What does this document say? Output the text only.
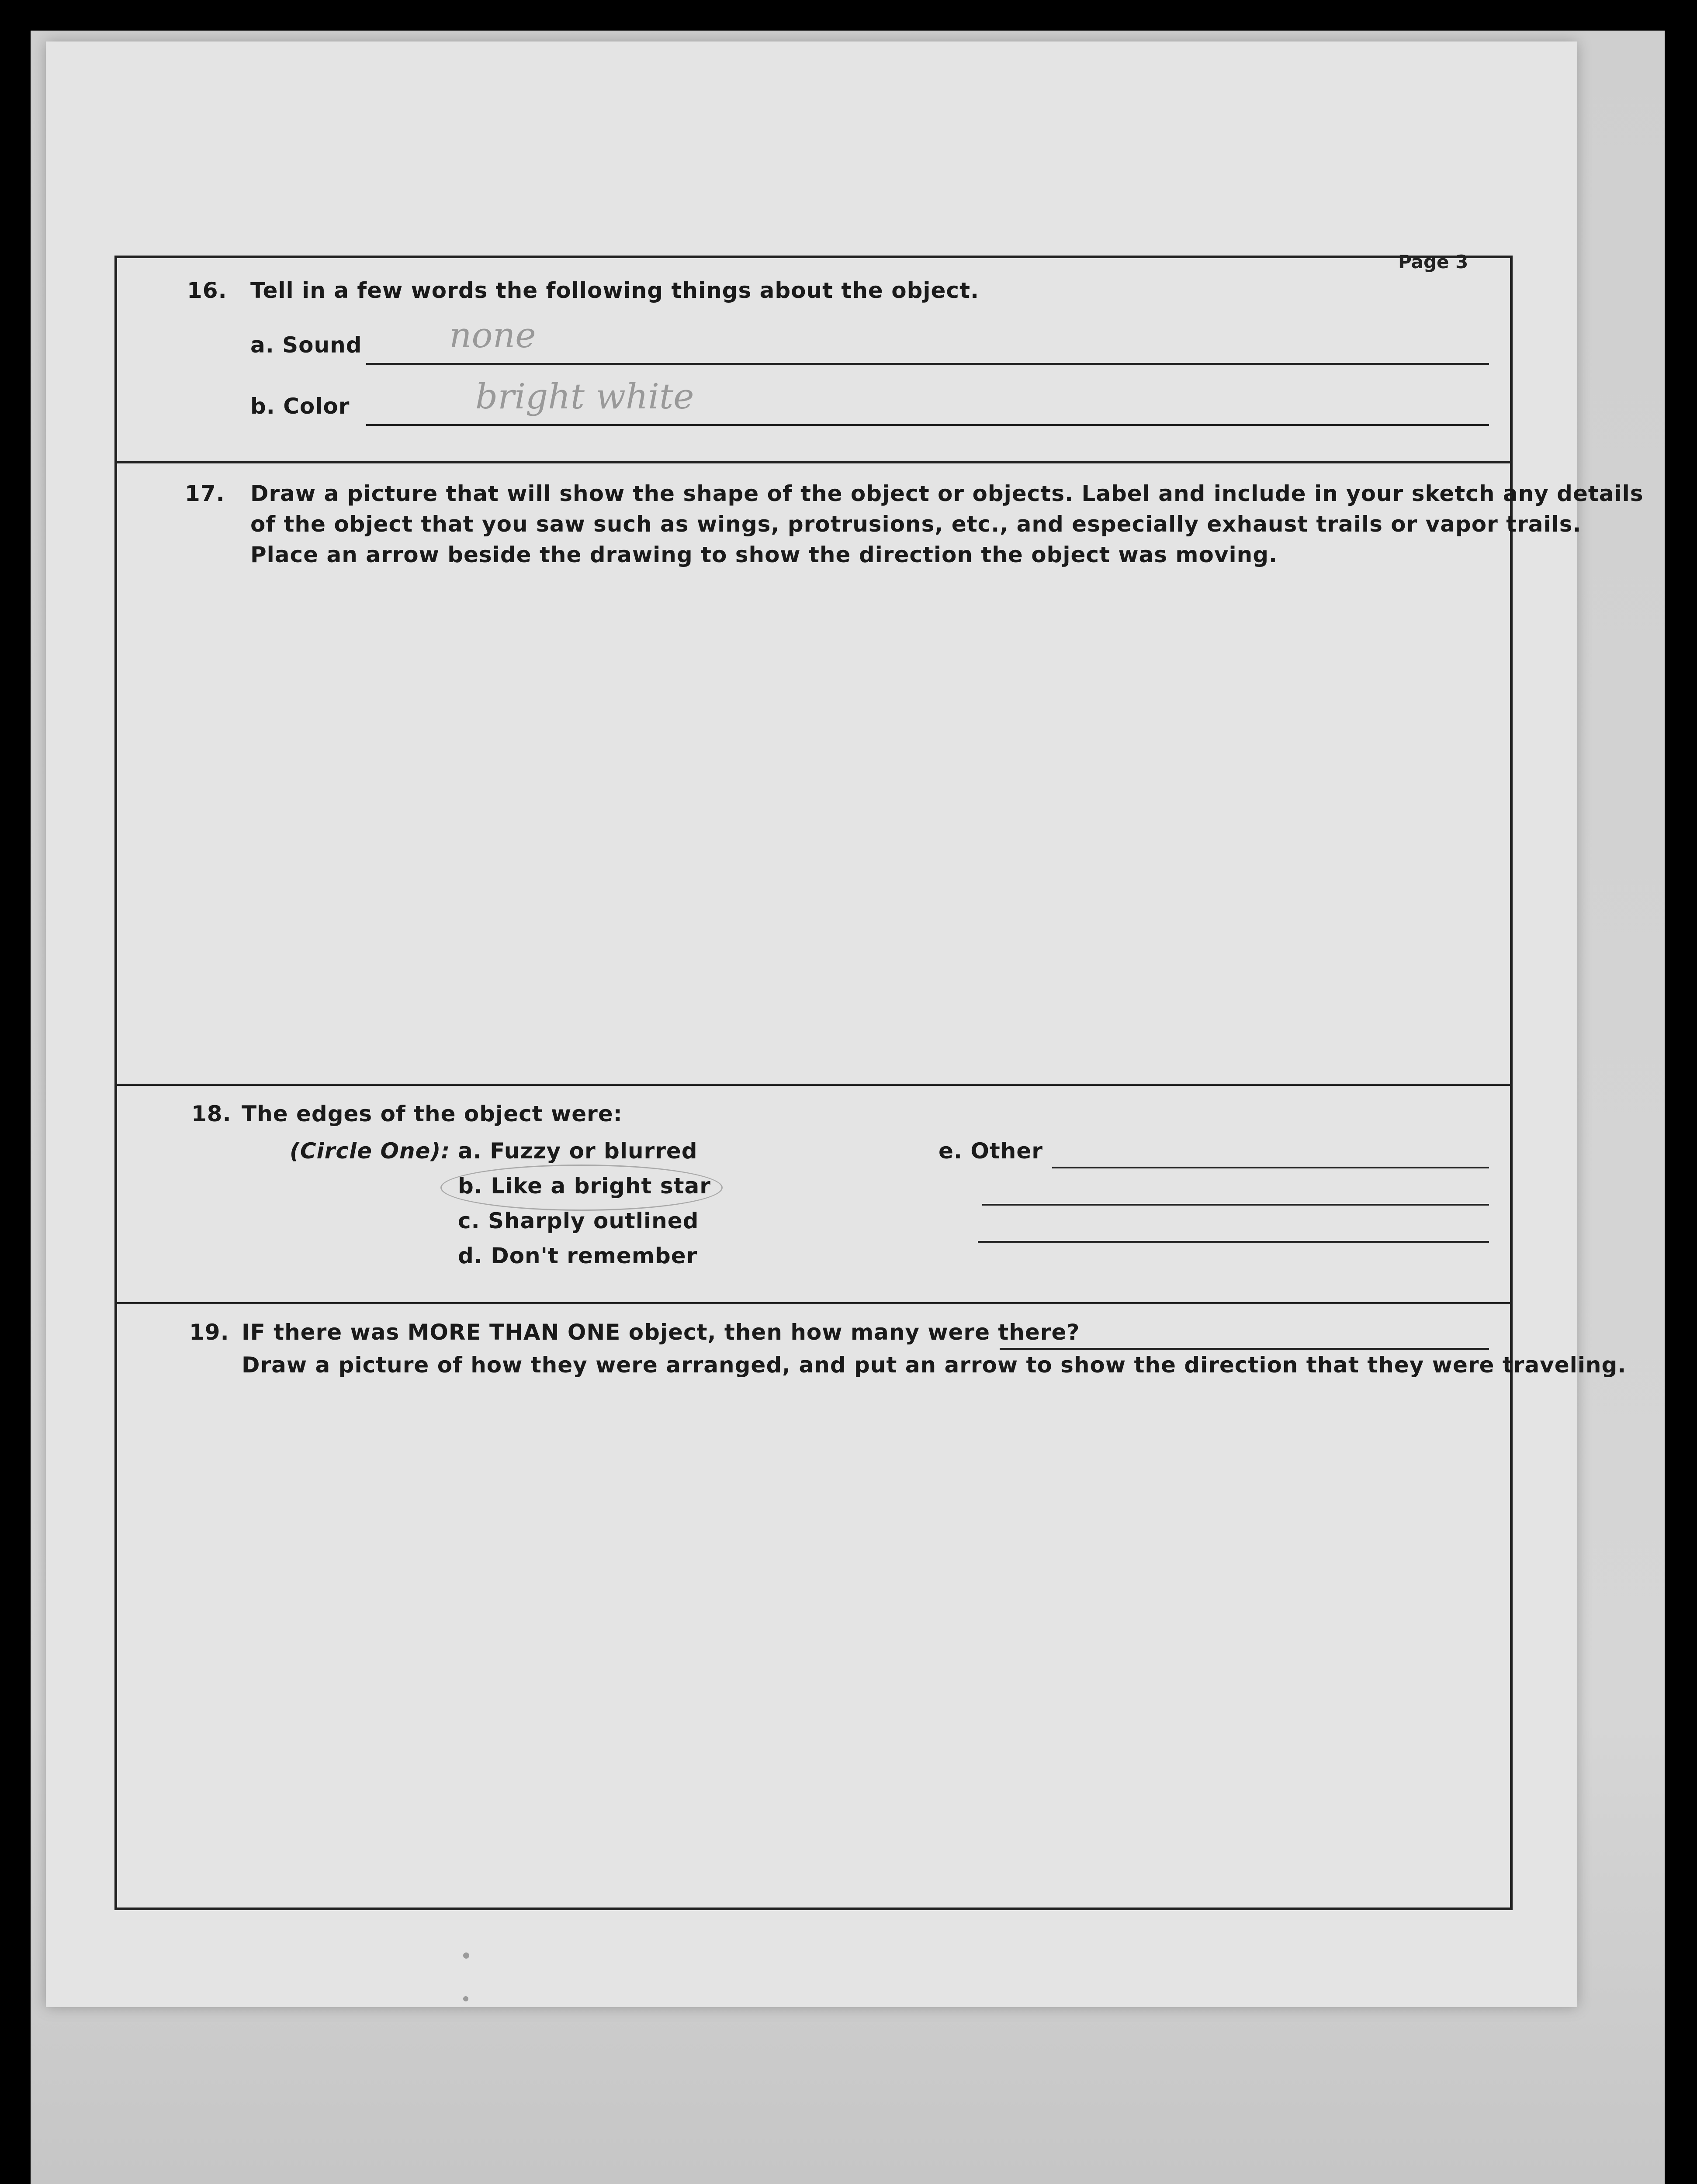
Page 3
16. Tell in a few words the following things about the object.
a. Sound none
b. Color	bright white
17. Draw a picture that will show the shape of the object or objects. Label and include in your sketch any details
of the object that you saw such as wings, protrusions, etc., and especially exhaust trails or vapor trails.
Place an arrow beside the drawing to show the direction the object was moving.
18. The edges of the object were:
(Circle One): a. Fuzzy or blurred
b. Like a bright star
c. Sharply outlined
d. Don't remember
e. Other
19. IF there was MORE THAN ONE object, then how many were there?
Draw a picture of how they were arranged, and put an arrow to show the direction that they were traveling.
